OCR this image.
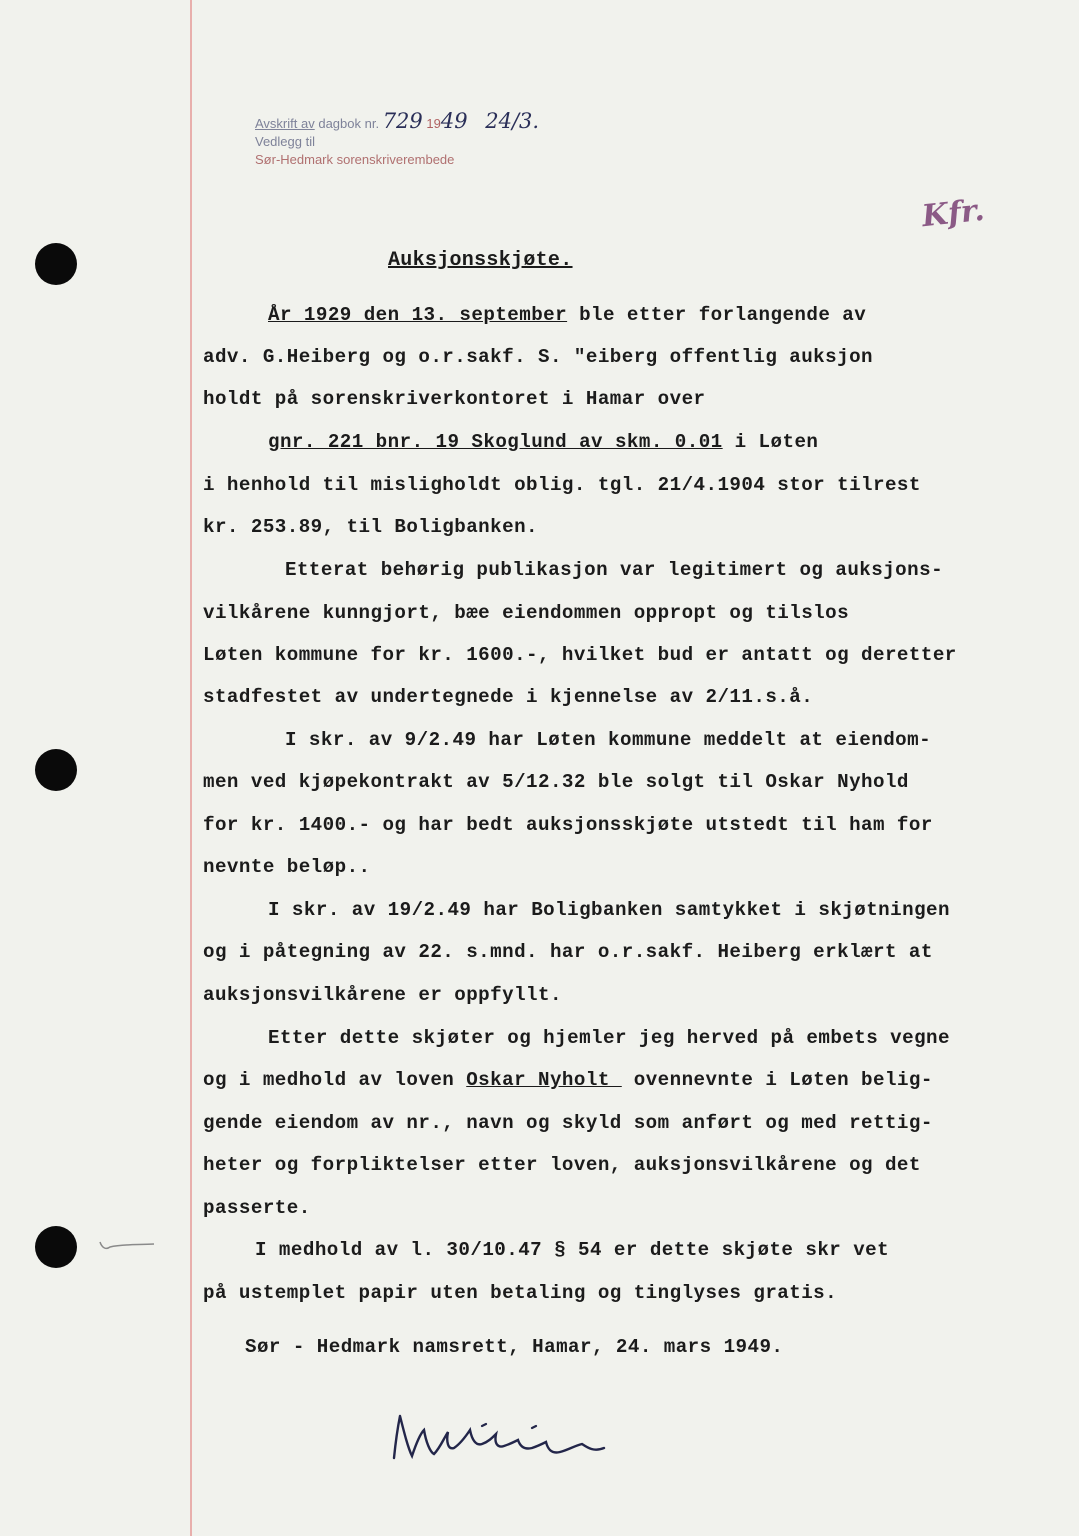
Avskrift av dagbok nr. 729 1949 24/3.
Vedlegg til
Sør-Hedmark sorenskriverembede
Kfr.
Auksjonsskjøte.
År 1929 den 13. september ble etter forlangende av
adv. G.Heiberg og o.r.sakf. S. "eiberg offentlig auksjon
holdt på sorenskriverkontoret i Hamar over
gnr. 221 bnr. 19 Skoglund av skm. 0.01 i Løten
i henhold til misligholdt oblig. tgl. 21/4.1904 stor tilrest
kr. 253.89, til Boligbanken.
Etterat behørig publikasjon var legitimert og auksjons-
vilkårene kunngjort, bæe eiendommen oppropt og tilslos
Løten kommune for kr. 1600.-, hvilket bud er antatt og deretter
stadfestet av undertegnede i kjennelse av 2/11.s.å.
I skr. av 9/2.49 har Løten kommune meddelt at eiendom-
men ved kjøpekontrakt av 5/12.32 ble solgt til Oskar Nyhold
for kr. 1400.- og har bedt auksjonsskjøte utstedt til ham for
nevnte beløp..
I skr. av 19/2.49 har Boligbanken samtykket i skjøtningen
og i påtegning av 22. s.mnd. har o.r.sakf. Heiberg erklært at
auksjonsvilkårene er oppfyllt.
Etter dette skjøter og hjemler jeg herved på embets vegne
og i medhold av loven Oskar Nyholt  ovennevnte i Løten belig-
gende eiendom av nr., navn og skyld som anført og med rettig-
heter og forpliktelser etter loven, auksjonsvilkårene og det
passerte.
I medhold av l. 30/10.47 § 54 er dette skjøte skr vet
på ustemplet papir uten betaling og tinglyses gratis.
Sør - Hedmark namsrett, Hamar, 24. mars 1949.
